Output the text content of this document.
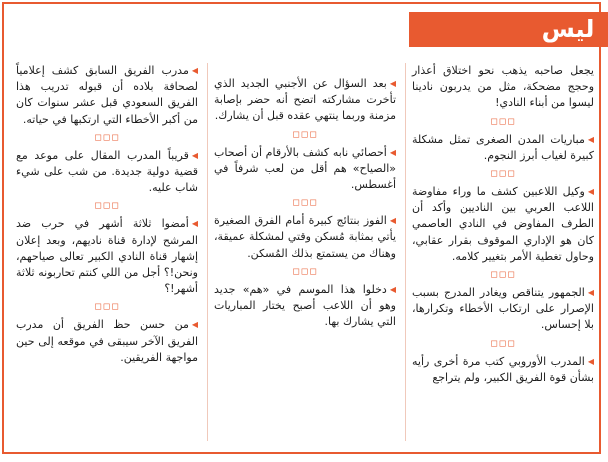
ليس
يجعل صاحبه يذهب نحو اختلاق أعذار وحجج مضحكة، مثل من يدربون نادينا ليسوا من أبناء النادي!
◻◻◻
◀مباريات المدن الصغرى تمثل مشكلة كبيرة لغياب أبرز النجوم.
◻◻◻
◀وكيل اللاعبين كشف ما وراء مفاوضة اللاعب العربي بين الناديين وأكد أن الطرف المفاوض في النادي العاصمي كان هو الإداري الموقوف بقرار عقابي، وحاول تغطية الأمر بتغيير كلامه.
◻◻◻
◀الجمهور يتناقص ويغادر المدرج بسبب الإصرار على ارتكاب الأخطاء وتكرارها، بلا إحساس.
◻◻◻
◀المدرب الأوروبي كتب مرة أخرى رأيه بشأن قوة الفريق الكبير، ولم يتراجع
◀بعد السؤال عن الأجنبي الجديد الذي تأخرت مشاركته اتضح أنه حضر بإصابة مزمنة وربما ينتهي عقده قبل أن يشارك.
◻◻◻
◀أحصائي نابه كشف بالأرقام أن أصحاب «الصياح» هم أقل من لعب شرفاً في أغسطس.
◻◻◻
◀الفوز بنتائج كبيرة أمام الفرق الصغيرة يأتي بمثابة مُسكن وقتي لمشكلة عميقة، وهناك من يستمتع بذلك المُسكن.
◻◻◻
◀دخلوا هذا الموسم في «هم» جديد وهو أن اللاعب أصبح يختار المباريات التي يشارك بها.
◀مدرب الفريق السابق كشف إعلامياً لصحافة بلاده أن قبوله تدريب هذا الفريق السعودي قبل عشر سنوات كان من أكبر الأخطاء التي ارتكبها في حياته.
◻◻◻
◀قريباً المدرب المقال على موعد مع قضية دولية جديدة. من شب على شيء شاب عليه.
◻◻◻
◀أمضوا ثلاثة أشهر في حرب ضد المرشح لإدارة قناة ناديهم، وبعد إعلان إشهار قناة النادي الكبير تعالى صياحهم، ونحن!؟ أجل من اللي كنتم تحاربونه ثلاثة أشهر!؟
◻◻◻
◀من حسن حظ الفريق أن مدرب الفريق الآخر سيبقى في موقعه إلى حين مواجهة الفريقين.
